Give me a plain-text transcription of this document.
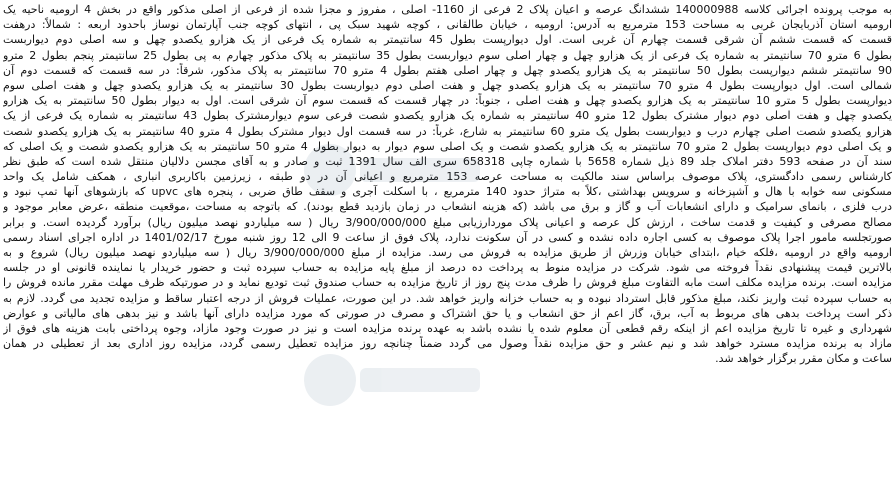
به موجب پرونده اجرائی کلاسه 140000988 ششدانگ عرصه و اعیان پلاک 2 فرعی از 1160- اصلی ، مفروز و مجزا شده از فرعی از اصلی مذکور واقع در بخش 4 ارومیه ناحیه یک
ارومیه استان آذربایجان غربی به مساحت 153 مترمربع به آدرس: ارومیه ، خیابان طالقانی ، کوچه شهید سبک پی ، انتهای کوچه جنب آپارتمان نوساز باحدود اربعه : شمالاً: درهفت
قسمت که قسمت ششم آن شرقی قسمت چهارم آن غربی است. اول دیوارپست بطول 45 سانتیمتر به شماره یک فرعی از یک هزارو یکصدو چهل و سه اصلی دوم دیواربست
بطول 6 مترو 70 سانتیمتر به شماره یک فرعی از یک هزارو چهل و چهار اصلی سوم دیواربست بطول 35 سانتیمتر به پلاک مذکور چهارم به پی بطول 25 سانتیمتر پنجم بطول 2 مترو
90 سانتیمتر ششم دیوارپست بطول 50 سانتیمتر به یک هزارو یکصدو چهل و چهار اصلی هفتم بطول 4 مترو 70 سانتیمتر به پلاک مذکور، شرقاً: در سه قسمت که قسمت دوم آن
شمالی است. اول دیوارپست بطول 4 مترو 70 سانتیمتر به یک هزارو یکصدو چهل و هفت اصلی دوم دیواربست بطول 30 سانتیمتر به یک هزارو یکصدو چهل و هفت اصلی سوم
دیوارپست بطول 5 مترو 10 سانتیمتر به یک هزارو یکصدو چهل و هفت اصلی ، جنوباً: در چهار قسمت که قسمت سوم آن شرقی است. اول به دیوار بطول 50 سانتیمتر به یک هزارو
یکصدو چهل و هفت اصلی دوم دیوار مشترک بطول 12 مترو 40 سانتیمتر به شماره یک هزارو یکصدو شصت فرعی سوم دیوارمشترک بطول 43 سانتیمتر به شماره یک فرعی از یک
هزارو یکصدو شصت اصلی چهارم درب و دیواربست بطول یک مترو 60 سانتیمتر به شارع، غرباً: در سه قسمت اول دیوار مشترک بطول 4 مترو 40 سانتیمتر به یک هزارو یکصدو شصت
و یک اصلی دوم دیوارپست بطول 2 مترو 70 سانتیمتر به یک هزارو یکصدو شصت و یک اصلی سوم دیوار به دیوار بطول 4 مترو 50 سانتیمتر به یک هزارو یکصدو شصت و یک اصلی که
سند آن در صفحه 593 دفتر املاک جلد 89 ذیل شماره 5658 با شماره چاپی 658318 سری الف سال 1391 ثبت و صادر و به آقای مجسن دلالیان منتقل شده است که طبق نظر
کارشناس رسمی دادگستری، پلاک موصوف براساس سند مالکیت به مساحت عرصه 153 مترمربع و اعیانی آن در دو طبقه ، زیرزمین باکاربری انباری ، همکف شامل یک واحد
مسکونی سه خوابه با هال و آشپزخانه و سرویس بهداشتی ،کلاً به متراژ حدود 140 مترمربع ، با اسکلت آجری و سقف طاق ضربی ، پنجره های upvc که بازشوهای آنها تمپ نبود و
درب فلزی ، بانمای سرامیک و دارای انشعابات آب و گاز و برق می باشد (که هزینه انشعاب در زمان بازدید قطع بودند). که باتوجه به مساحت ،موقعیت منطقه ،عرض معابر موجود و
مصالح مصرفی و کیفیت و قدمت ساخت ، ارزش کل عرصه و اعیانی پلاک موردارزیابی مبلغ 3/900/000/000 ریال ( سه میلیاردو نهصد میلیون ریال) برآورد گردیده است. و برابر
صورتجلسه مامور اجرا پلاک موصوف به کسی اجاره داده نشده و کسی در آن سکونت ندارد، پلاک فوق از ساعت 9 الی 12 روز شنبه مورخ 1401/02/17 در اداره اجرای اسناد رسمی
ارومیه واقع در ارومیه ،فلکه خیام ،ابتدای خیابان وزرش از طریق مزایده به فروش می رسد. مزایده از مبلغ 3/900/000/000 ریال ( سه میلیاردو نهصد میلیون ریال) شروع و به
بالاترین قیمت پیشنهادی نقداً فروخته می شود. شرکت در مزایده منوط به پرداخت ده درصد از مبلغ پایه مزایده به حساب سپرده ثبت و حضور خریدار یا نماینده قانونی او در جلسه
مزایده است. برنده مزایده مکلف است مابه التفاوت مبلغ فروش را ظرف مدت پنج روز از تاریخ مزایده به حساب صندوق ثبت تودیع نماید و در صورتیکه ظرف مهلت مقرر مانده فروش را
به حساب سپرده ثبت واریز نکند، مبلغ مذکور قابل استرداد نبوده و به حساب خزانه واریز خواهد شد. در این صورت، عملیات فروش از درجه اعتبار ساقط و مزایده تجدید می گردد. لازم به
ذکر است پرداخت بدهی های مربوط به آب، برق، گاز اعم از حق انشعاب و یا حق اشتراک و مصرف در صورتی که مورد مزایده دارای آنها باشد و نیز بدهی های مالیاتی و عوارض
شهرداری و غیره تا تاریخ مزایده اعم از اینکه رقم قطعی آن معلوم شده یا نشده باشد به عهده برنده مزایده است و نیز در صورت وجود مازاد، وجوه پرداختی بابت هزینه های فوق از
مازاد به برنده مزایده مسترد خواهد شد و نیم عشر و حق مزایده نقداً وصول می گردد ضمناً چنانچه روز مزایده تعطیل رسمی گردد، مزایده روز اداری بعد از تعطیلی در همان
ساعت و مکان مقرر برگزار خواهد شد.
